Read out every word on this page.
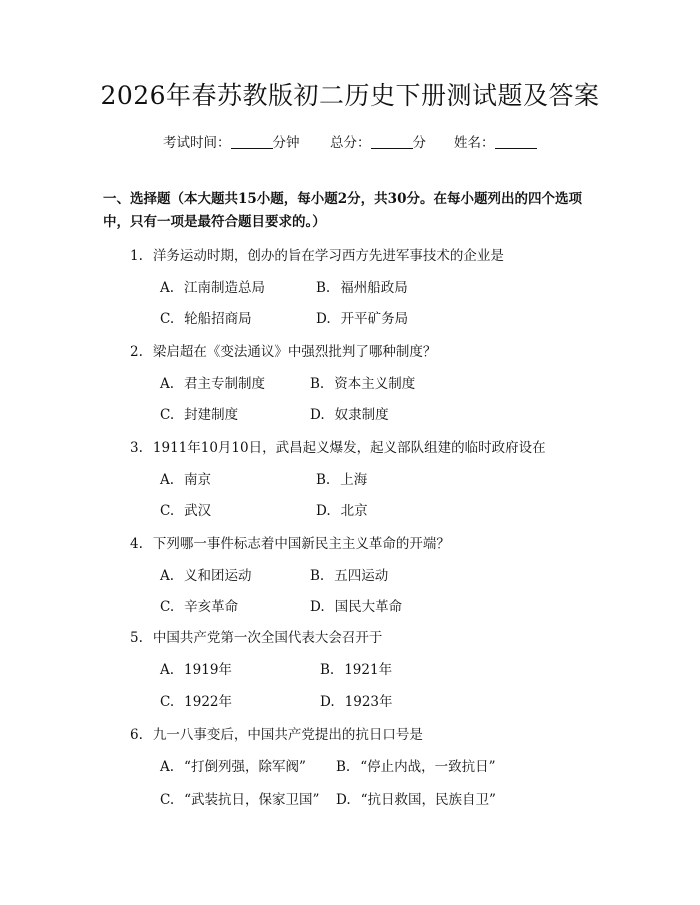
2026年春苏教版初二历史下册测试题及答案
考试时间：	分钟 总分：	分 姓名：
一、选择题（本大题共15小题，每小题2分，共30分。在每小题列出的四个选项中，只有一项是最符合题目要求的。）
1. 洋务运动时期，创办的旨在学习西方先进军事技术的企业是
A. 江南制造总局	B. 福州船政局
C. 轮船招商局	D. 开平矿务局
2. 梁启超在《变法通议》中强烈批判了哪种制度？
A. 君主专制制度	B. 资本主义制度
C. 封建制度	D. 奴隶制度
3. 1911年10月10日，武昌起义爆发，起义部队组建的临时政府设在
A. 南京	B. 上海
C. 武汉	D. 北京
4. 下列哪一事件标志着中国新民主主义革命的开端？
A. 义和团运动	B. 五四运动
C. 辛亥革命	D. 国民大革命
5. 中国共产党第一次全国代表大会召开于
A. 1919年	B. 1921年
C. 1922年	D. 1923年
6. 九一八事变后，中国共产党提出的抗日口号是
A. “打倒列强，除军阀” B. “停止内战，一致抗日”
C. “武装抗日，保家卫国” D. “抗日救国，民族自卫”
